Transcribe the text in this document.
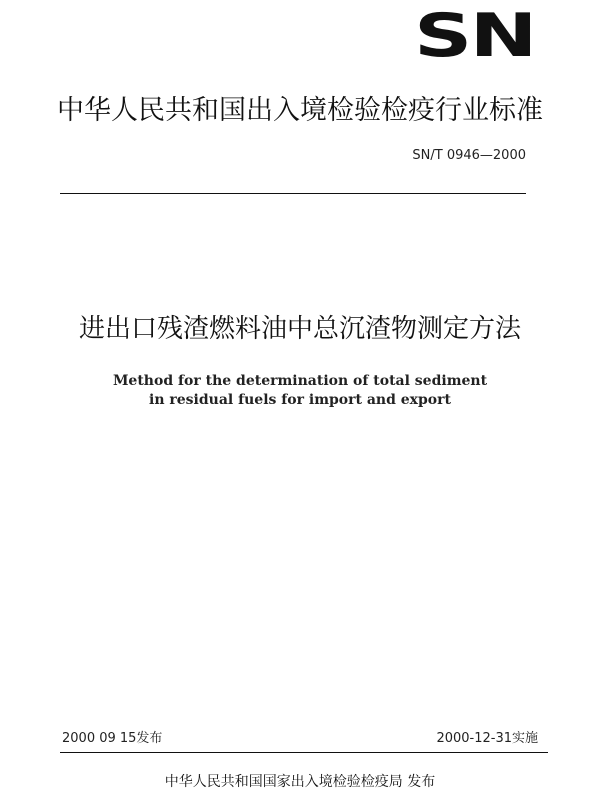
SN
中华人民共和国出入境检验检疫行业标准
SN/T 0946—2000
进出口残渣燃料油中总沉渣物测定方法
Method for the determination of total sediment
in residual fuels for import and export
2000 09 15发布	2000-12-31实施
中华人民共和国国家出入境检验检疫局 发布
